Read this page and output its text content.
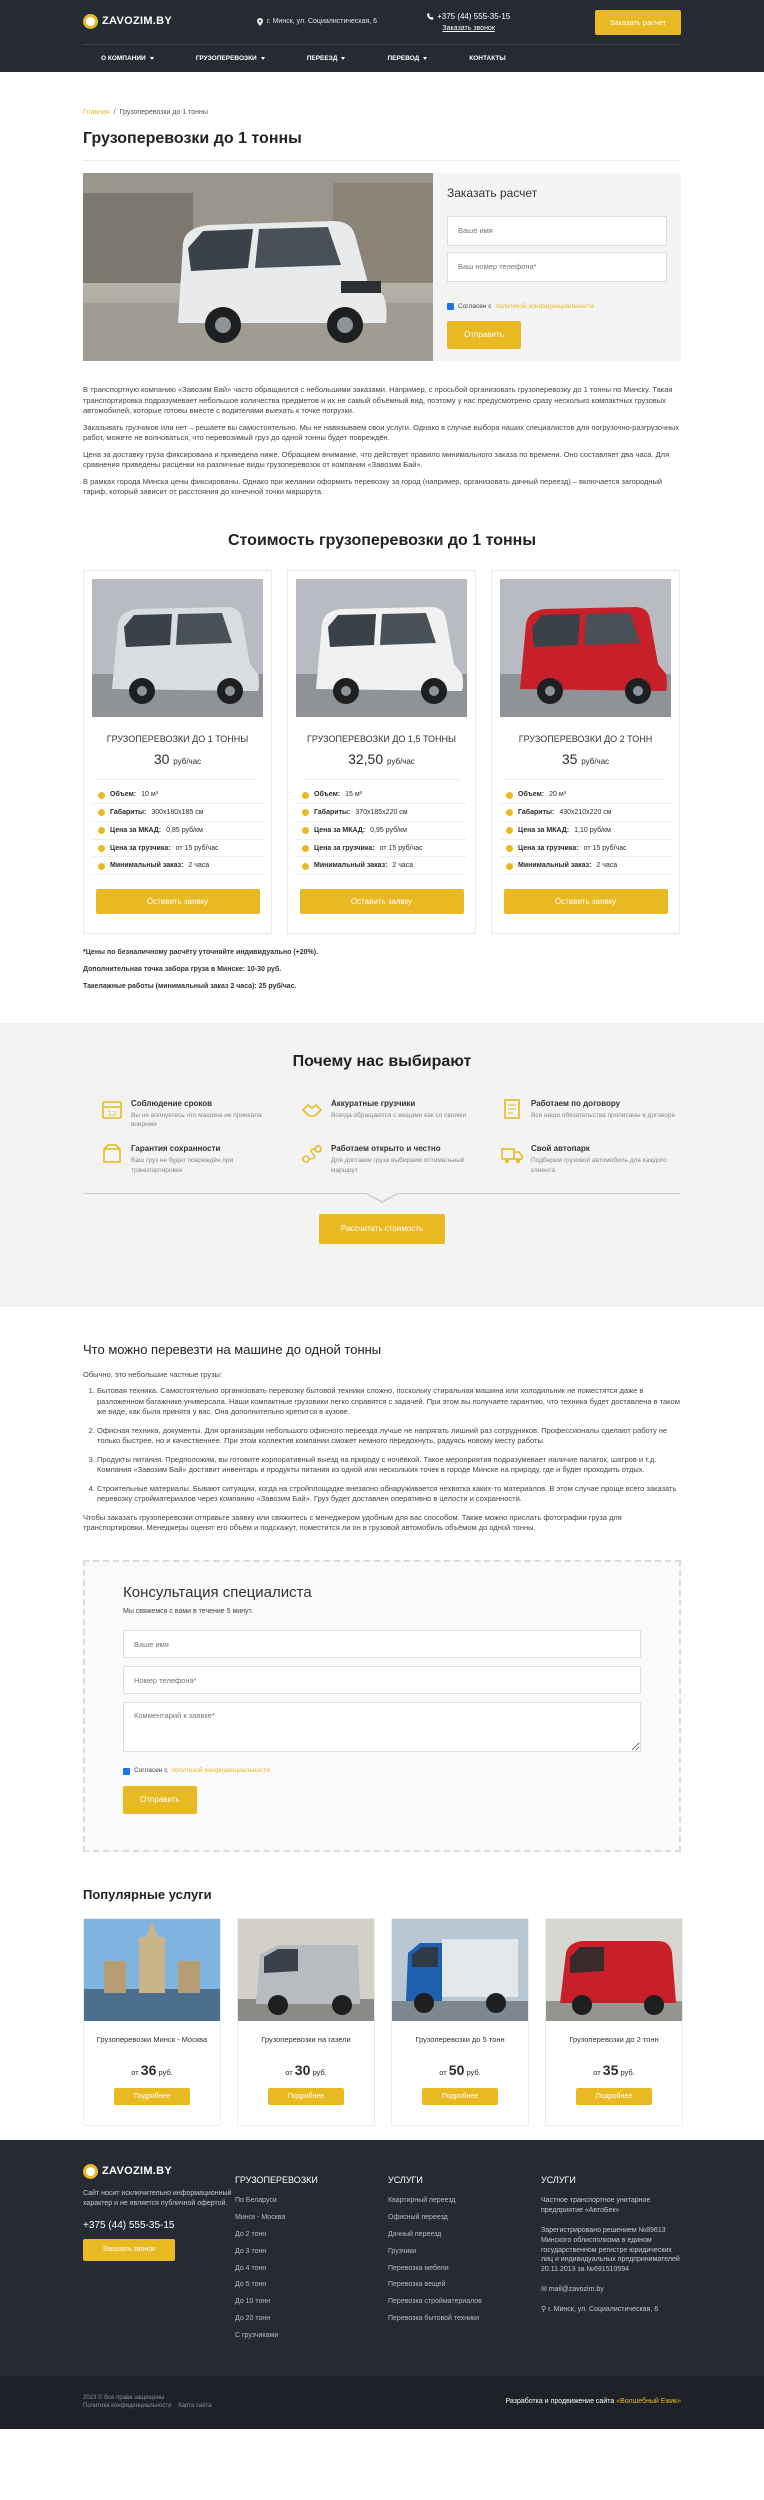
ZAVOZIM.BY	г. Минск, ул. Социалистическая, 6
+375 (44) 555-35-15
Заказать звонок
Заказать расчет
О КОМПАНИИ	ГРУЗОПЕРЕВОЗКИ	ПЕРЕЕЗД	ПЕРЕВОД	КОНТАКТЫ
Главная / Грузоперевозки до 1 тонны
Грузоперевозки до 1 тонны
Заказать расчет
Ваше имя
Ваш номер телефона*
Согласен с политикой конфиденциальности
Отправить

В транспортную компанию «Завозим Бай» часто обращаются с небольшими заказами. Например, с просьбой организовать грузоперевозку до 1 тонны по Минску. Такая транспортировка подразумевает небольшое количества предметов и их не самый объёмный вид, поэтому у нас предусмотрено сразу несколько компактных грузовых автомобилей, которые готовы вместе с водителями выехать к точке погрузки.

Заказывать грузчиков или нет – решаете вы самостоятельно. Мы не навязываем свои услуги. Однако в случае выбора наших специалистов для погрузочно-разгрузочных работ, можете не волноваться, что перевозимый груз до одной тонны будет повреждён.

Цена за доставку груза фиксирована и приведена ниже. Обращаем внимание, что действует правило минимального заказа по времени. Оно составляет два часа. Для сравнения приведены расценки на различные виды грузоперевозок от компании «Завозим Бай».

В рамках города Минска цены фиксированы. Однако при желании оформить перевозку за город (например, организовать дачный переезд) – включается загородный тариф, который зависит от расстояния до конечной точки маршрута.

Стоимость грузоперевозки до 1 тонны
ГРУЗОПЕРЕВОЗКИ ДО 1 ТОННЫ
30 руб/час
Объем: 10 м³
Габариты: 300х180х185 см
Цена за МКАД: 0,85 руб/км
Цена за грузчика: от 15 руб/час
Минимальный заказ: 2 часа
Оставить заявку
ГРУЗОПЕРЕВОЗКИ ДО 1,5 ТОННЫ
32,50 руб/час
Объем: 15 м³
Габариты: 370х185х220 см
Цена за МКАД: 0,95 руб/км
Цена за грузчика: от 15 руб/час
Минимальный заказ: 2 часа
Оставить заявку
ГРУЗОПЕРЕВОЗКИ ДО 2 ТОНН
35 руб/час
Объем: 20 м³
Габариты: 430х210х220 см
Цена за МКАД: 1,10 руб/км
Цена за грузчика: от 15 руб/час
Минимальный заказ: 2 часа
Оставить заявку

*Цены по безналичному расчёту уточняйте индивидуально (+20%).

Дополнительная точка забора груза в Минске: 10-30 руб.

Такелажные работы (минимальный заказ 2 часа): 25 руб/час.

Почему нас выбирают
12
Соблюдение сроков

Вы не волнуетесь что машина не приехала вовремя

Аккуратные грузчики

Всегда обращаются с вещами как со своими

Работаем по договору

Все наши обязательства прописаны в договоре

Гарантия сохранности

Ваш груз не будет повреждён при транспортировке

Работаем открыто и честно

Для доставки груза выбираем оптимальный маршрут

Свой автопарк

Подберем грузовой автомобиль для каждого клиента

Рассчитать стоимость
Что можно перевезти на машине до одной тонны

Обычно, это небольшие частные грузы:

1. Бытовая техника. Самостоятельно организовать перевозку бытовой техники сложно, поскольку стиральная машина или холодильник не поместятся даже в разложенном багажнике универсала. Наши компактные грузовики легко справятся с задачей. При этом вы получаете гарантию, что техника будет доставлена в таком же виде, как была принята у вас. Она дополнительно крепится в кузове.
2. Офисная техника, документы. Для организации небольшого офисного переезда лучше не напрягать лишний раз сотрудников. Профессионалы сделают работу не только быстрее, но и качественнее. При этом коллектив компании сможет немного передохнуть, радуясь новому месту работы.
3. Продукты питания. Предположим, вы готовите корпоративный выезд на природу с ночёвкой. Такое мероприятия подразумевает наличие палаток, шатров и т.д. Компания «Завозим Бай» доставит инвентарь и продукты питания из одной или нескольких точек в городе Минске на природу, где и будет проходить отдых.
4. Строительные материалы. Бывают ситуации, когда на стройплощадке внезапно обнаруживается нехватка каких-то материалов. В этом случае проще всего заказать перевозку стройматериалов через компанию «Завозим Бай». Груз будет доставлен оперативно в целости и сохранности.

Чтобы заказать грузоперевозки отправьте заявку или свяжитесь с менеджером удобным для вас способом. Также можно прислать фотографии груза для транспортировки. Менеджеры оценят его объём и подскажут, поместится ли он в грузовой автомобиль объёмом до одной тонны.

Консультация специалиста

Мы свяжемся с вами в течение 5 минут.

Ваше имя
Номер телефона*
Комментарий к заявке*
Согласен с политикой конфиденциальности
Отправить
Популярные услуги
Грузоперевозки Минск - Москва
от 36 руб.
Подробнее
Грузоперевозки на газели
от 30 руб.
Подробнее
Грузоперевозки до 5 тонн
от 50 руб.
Подробнее
Грузоперевозки до 2 тонн
от 35 руб.
Подробнее
ZAVOZIM.BY

Сайт носит исключительно информационный характер и не является публичной офертой.

+375 (44) 555-35-15

Заказать звонок
ГРУЗОПЕРЕВОЗКИ
По Беларуси
Минск - Москва
До 2 тонн
До 3 тонн
До 4 тонн
До 5 тонн
До 10 тонн
До 20 тонн
С грузчиками
УСЛУГИ
Квартирный переезд
Офисный переезд
Дачный переезд
Грузчики
Перевозка мебели
Перевозка вещей
Перевозка стройматериалов
Перевозка бытовой техники
УСЛУГИ

Частное транспортное унитарное предприятие «АвтоБек»

Зарегистрировано решением №89613 Минского облисполкома в едином государственном регистре юридических лиц и индивидуальных предпринимателей 20.11.2013 за №691510594

✉ mail@zavozim.by

⚲ г. Минск, ул. Социалистическая, 6

2023 © Все права защищены
Политика конфиденциальности Карта сайта
Разработка и продвижение сайта «Волшебный Ежик»
